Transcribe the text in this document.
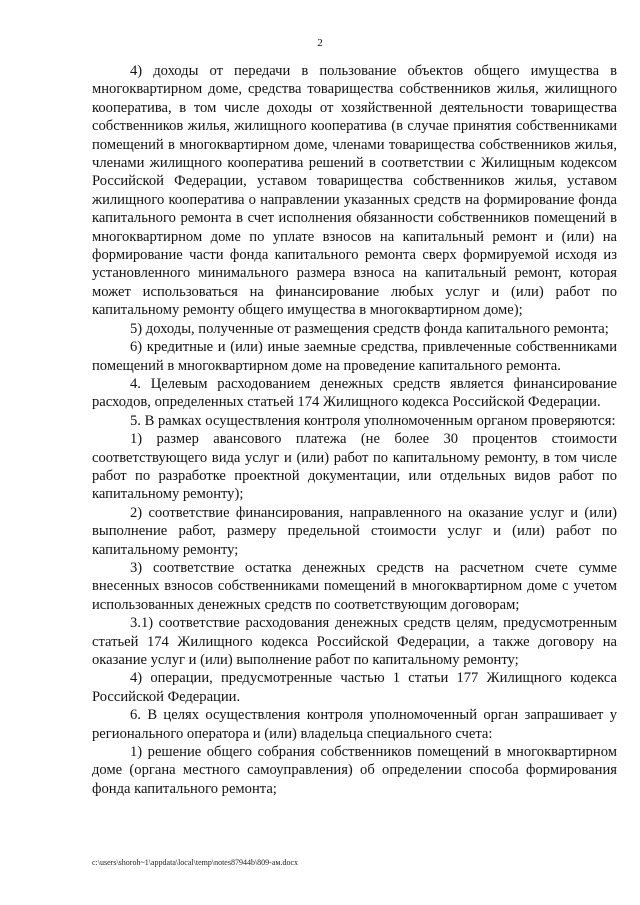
2

4) доходы от передачи в пользование объектов общего имущества в многоквартирном доме, средства товарищества собственников жилья, жилищного кооператива, в том числе доходы от хозяйственной деятельности товарищества собственников жилья, жилищного кооператива (в случае принятия собственниками помещений в многоквартирном доме, членами товарищества собственников жилья, членами жилищного кооператива решений в соответствии с Жилищным кодексом Российской Федерации, уставом товарищества собственников жилья, уставом жилищного кооператива о направлении указанных средств на формирование фонда капитального ремонта в счет исполнения обязанности собственников помещений в многоквартирном доме по уплате взносов на капитальный ремонт и (или) на формирование части фонда капитального ремонта сверх формируемой исходя из установленного минимального размера взноса на капитальный ремонт, которая может использоваться на финансирование любых услуг и (или) работ по капитальному ремонту общего имущества в многоквартирном доме);

5) доходы, полученные от размещения средств фонда капитального ремонта;

6) кредитные и (или) иные заемные средства, привлеченные собственниками помещений в многоквартирном доме на проведение капитального ремонта.

4. Целевым расходованием денежных средств является финансирование расходов, определенных статьей 174 Жилищного кодекса Российской Федерации.

5. В рамках осуществления контроля уполномоченным органом проверяются:

1) размер авансового платежа (не более 30 процентов стоимости соответствующего вида услуг и (или) работ по капитальному ремонту, в том числе работ по разработке проектной документации, или отдельных видов работ по капитальному ремонту);

2) соответствие финансирования, направленного на оказание услуг и (или) выполнение работ, размеру предельной стоимости услуг и (или) работ по капитальному ремонту;

3) соответствие остатка денежных средств на расчетном счете сумме внесенных взносов собственниками помещений в многоквартирном доме с учетом использованных денежных средств по соответствующим договорам;

3.1) соответствие расходования денежных средств целям, предусмотренным статьей 174 Жилищного кодекса Российской Федерации, а также договору на оказание услуг и (или) выполнение работ по капитальному ремонту;

4) операции, предусмотренные частью 1 статьи 177 Жилищного кодекса Российской Федерации.

6. В целях осуществления контроля уполномоченный орган запрашивает у регионального оператора и (или) владельца специального счета:

1) решение общего собрания собственников помещений в многоквартирном доме (органа местного самоуправления) об определении способа формирования фонда капитального ремонта;

c:\users\shoroh~1\appdata\local\temp\notes87944b\809-ам.docx
